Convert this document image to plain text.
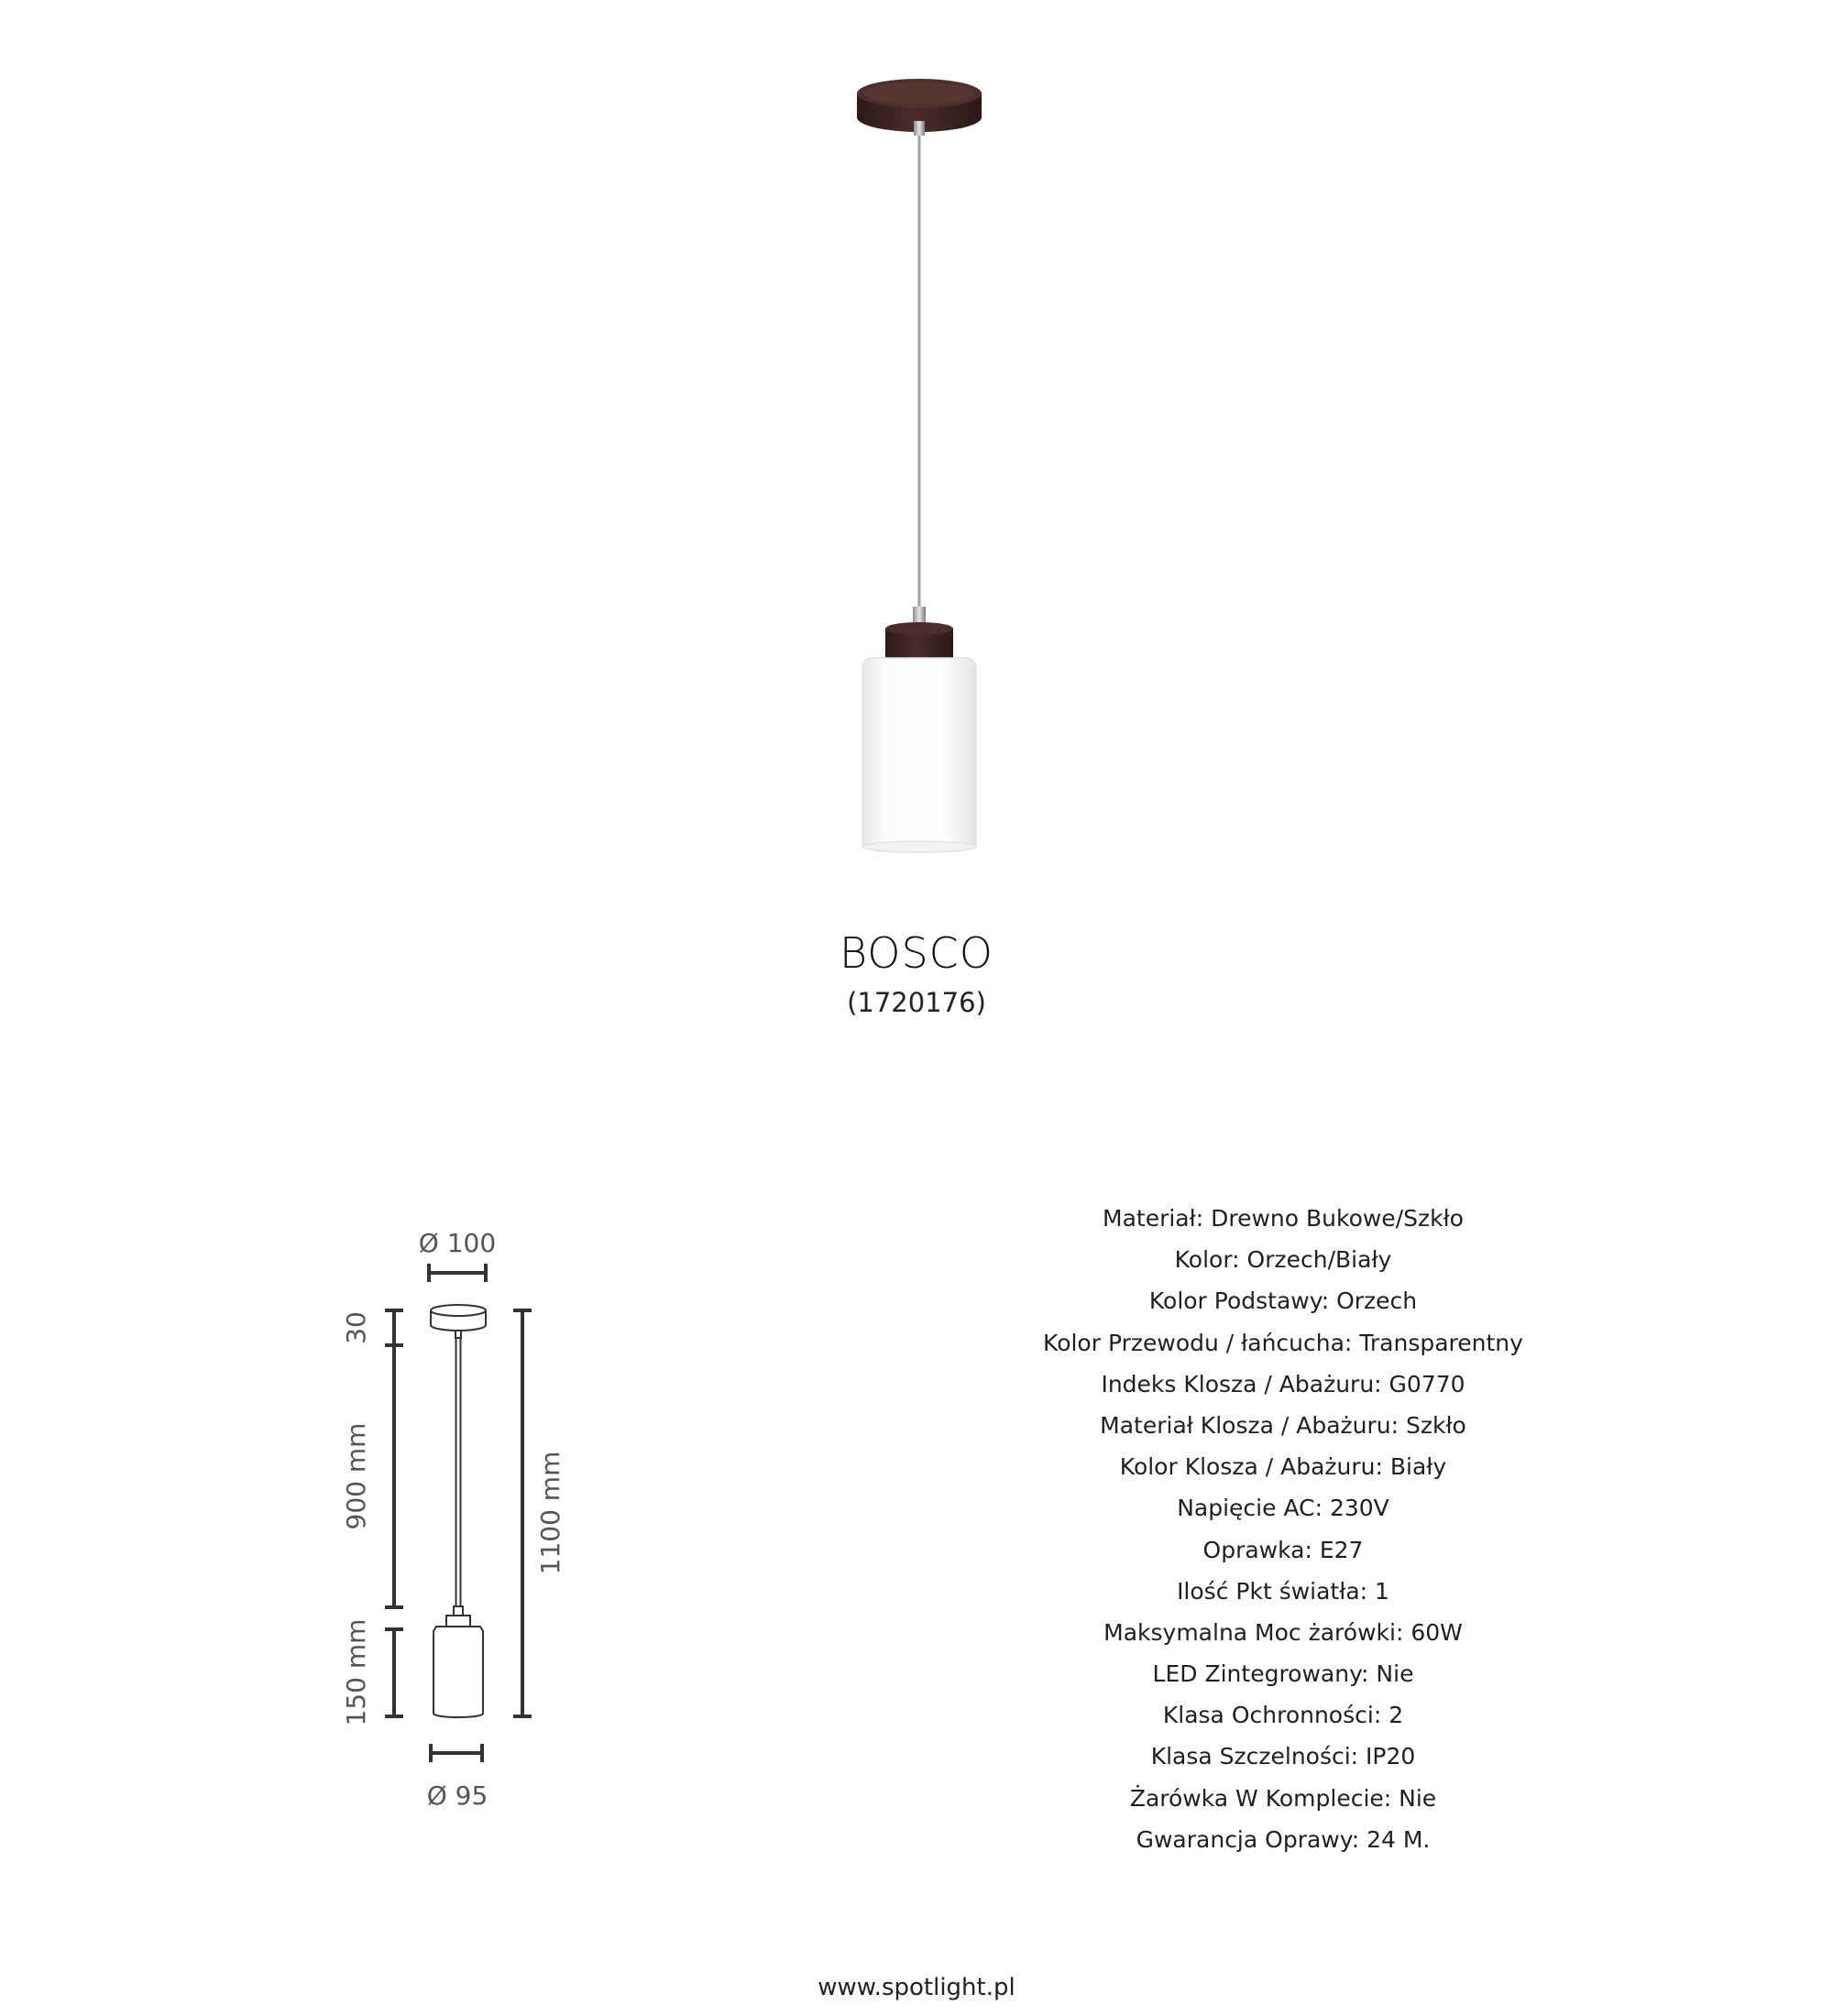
BOSCO
(1720176)
Ø 100
30
900 mm
150 mm
1100 mm
Ø 95
Materiał: Drewno Bukowe/Szkło
Kolor: Orzech/Biały
Kolor Podstawy: Orzech
Kolor Przewodu / łańcucha: Transparentny
Indeks Klosza / Abażuru: G0770
Materiał Klosza / Abażuru: Szkło
Kolor Klosza / Abażuru: Biały
Napięcie AC: 230V
Oprawka: E27
Ilość Pkt światła: 1
Maksymalna Moc żarówki: 60W
LED Zintegrowany: Nie
Klasa Ochronności: 2
Klasa Szczelności: IP20
Żarówka W Komplecie: Nie
Gwarancja Oprawy: 24 M.
www.spotlight.pl
